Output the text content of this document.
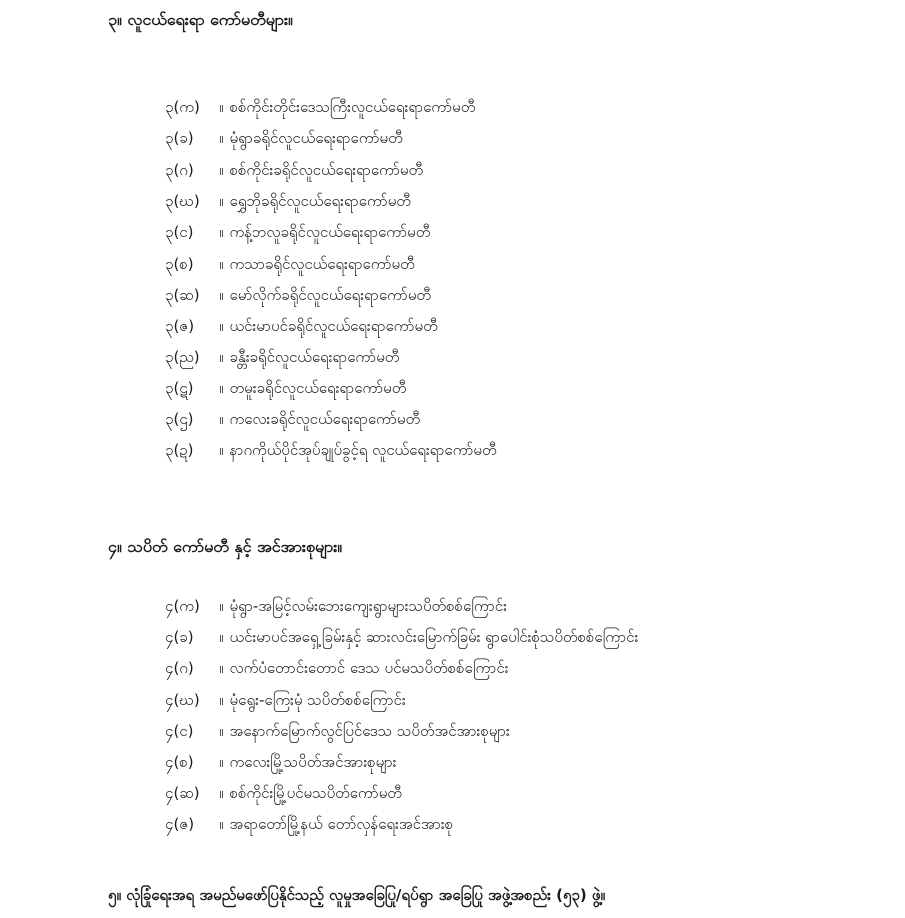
၃။ လူငယ်ရေးရာ ကော်မတီများ။
၃(က) ။ စစ်ကိုင်းတိုင်းဒေသကြီးလူငယ်ရေးရာကော်မတီ
၃(ခ)။ မုံရွာခရိုင်လူငယ်ရေးရာကော်မတီ
၃(ဂ)။ စစ်ကိုင်းခရိုင်လူငယ်ရေးရာကော်မတီ
၃(ဃ) ။ ရွှေဘိုခရိုင်လူငယ်ရေးရာကော်မတီ
၃(င)။ ကန့်ဘလူခရိုင်လူငယ်ရေးရာကော်မတီ
၃(စ)။ ကသာခရိုင်လူငယ်ရေးရာကော်မတီ
၃(ဆ) ။ မော်လိုက်ခရိုင်လူငယ်ရေးရာကော်မတီ
၃(ဇ)။ ယင်းမာပင်ခရိုင်လူငယ်ရေးရာကော်မတီ
၃(ည) ။ ခန္တီးခရိုင်လူငယ်ရေးရာကော်မတီ
၃(ဋ)။ တမူးခရိုင်လူငယ်ရေးရာကော်မတီ
၃(ဌ)။ ကလေးခရိုင်လူငယ်ရေးရာကော်မတီ
၃(ဍ)။ နာဂကိုယ်ပိုင်အုပ်ချုပ်ခွင့်ရ လူငယ်ရေးရာကော်မတီ
၄။ သပိတ် ကော်မတီ နှင့် အင်အားစုများ။
၄(က)။ မုံရွာ-အမြင့်လမ်းဘေးကျေးရွာများသပိတ်စစ်ကြောင်း
၄(ခ)။ ယင်းမာပင်အရှေ့ခြမ်းနှင့် ဆားလင်းမြောက်ခြမ်း ရွာပေါင်းစုံသပိတ်စစ်ကြောင်း
၄(ဂ)။ လက်ပံတောင်းတောင် ဒေသ ပင်မသပိတ်စစ်ကြောင်း
၄(ဃ) ။ မုံရွေး-ကြေးမုံ သပိတ်စစ်ကြောင်း
၄(င)။ အနောက်မြောက်လွင်ပြင်ဒေသ သပိတ်အင်အားစုများ
၄(စ)။ ကလေးမြို့သပိတ်အင်အားစုများ
၄(ဆ) ။ စစ်ကိုင်းမြို့ပင်မသပိတ်ကော်မတီ
၄(ဇ)။ အရာတော်မြို့နယ် တော်လှန်ရေးအင်အားစု
၅။ လုံခြုံရေးအရ အမည်မဖော်ပြနိုင်သည့် လူမှုအခြေပြု/ရပ်ရွာ အခြေပြု အဖွဲ့အစည်း (၅၃) ဖွဲ့။
